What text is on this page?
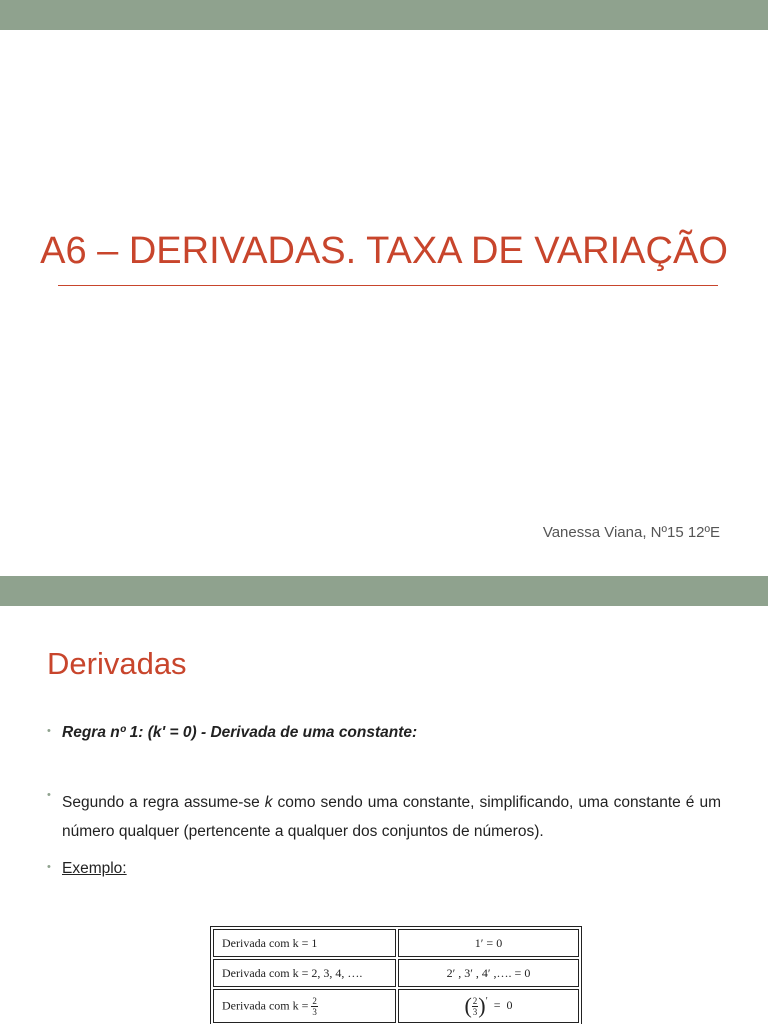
A6 – DERIVADAS. TAXA DE VARIAÇÃO
Vanessa Viana, Nº15 12ºE
Derivadas
• Regra nº 1: (k' = 0) - Derivada de uma constante:
• Segundo a regra assume-se k como sendo uma constante, simplificando, uma constante é um número qualquer (pertencente a qualquer dos conjuntos de números).
• Exemplo:
Derivada com k = 1	1′ = 0
Derivada com k = 2, 3, 4, ….	2′ , 3′ , 4′ ,…. = 0
Derivada com $k = \frac{2}{3}$	( $\frac{2}{3} )' = 0$
